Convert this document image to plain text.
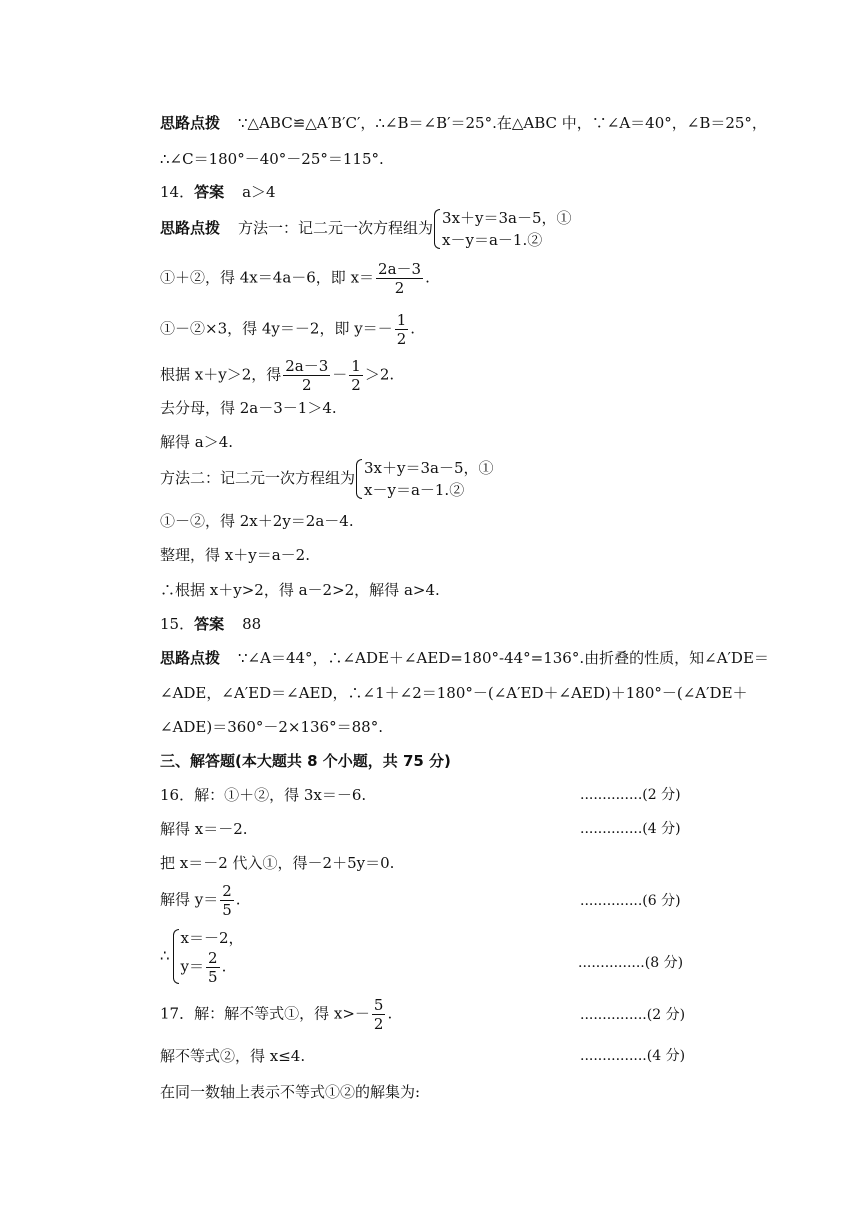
思路点拨 ∵△ABC≌△A′B′C′，∴∠B＝∠B′＝25°.在△ABC 中，∵∠A＝40°，∠B＝25°，
∴∠C＝180°－40°－25°＝115°.
14．答案 a＞4
思路点拨 方法一：记二元一次方程组为
3x＋y＝3a－5，①
x－y＝a－1.②
①＋②，得 4x＝4a－6，即 $x= \frac{2a-3}{2}$ .
①－②×3，得 4y＝－2，即 $y=- \frac{1}{2}$ .
根据 x＋y＞2，得 $\frac{2a-3}{2} - \frac{1}{2} >2$.
去分母，得 2a－3－1＞4.
解得 a＞4.
方法二：记二元一次方程组为
3x＋y＝3a－5，①
x－y＝a－1.②
①－②，得 2x＋2y＝2a－4.
整理，得 x＋y＝a－2.
∴根据 x＋y>2，得 a－2>2，解得 a>4.
15．答案 88
思路点拨 ∵∠A＝44°，∴∠ADE＋∠AED=180°-44°=136°.由折叠的性质，知∠A′DE＝
∠ADE，∠A′ED＝∠AED，∴∠1＋∠2＝180°－(∠A′ED＋∠AED)＋180°－(∠A′DE＋
∠ADE)＝360°－2×136°＝88°.
三、解答题(本大题共 8 个小题，共 75 分)
16．解：①＋②，得 3x＝－6.	..............(2 分)
解得 x＝－2.	..............(4 分)
把 x＝－2 代入①，得－2＋5y＝0.
解得 $y= \frac{2}{5}$ .	..............(6 分)
∴
x＝－2，
$y= \frac{2}{5}$ .	...............(8 分)
17．解：解不等式①，得 $x>- \frac{5}{2}$ .	...............(2 分)
解不等式②，得 x≤4.	...............(4 分)
在同一数轴上表示不等式①②的解集为:
